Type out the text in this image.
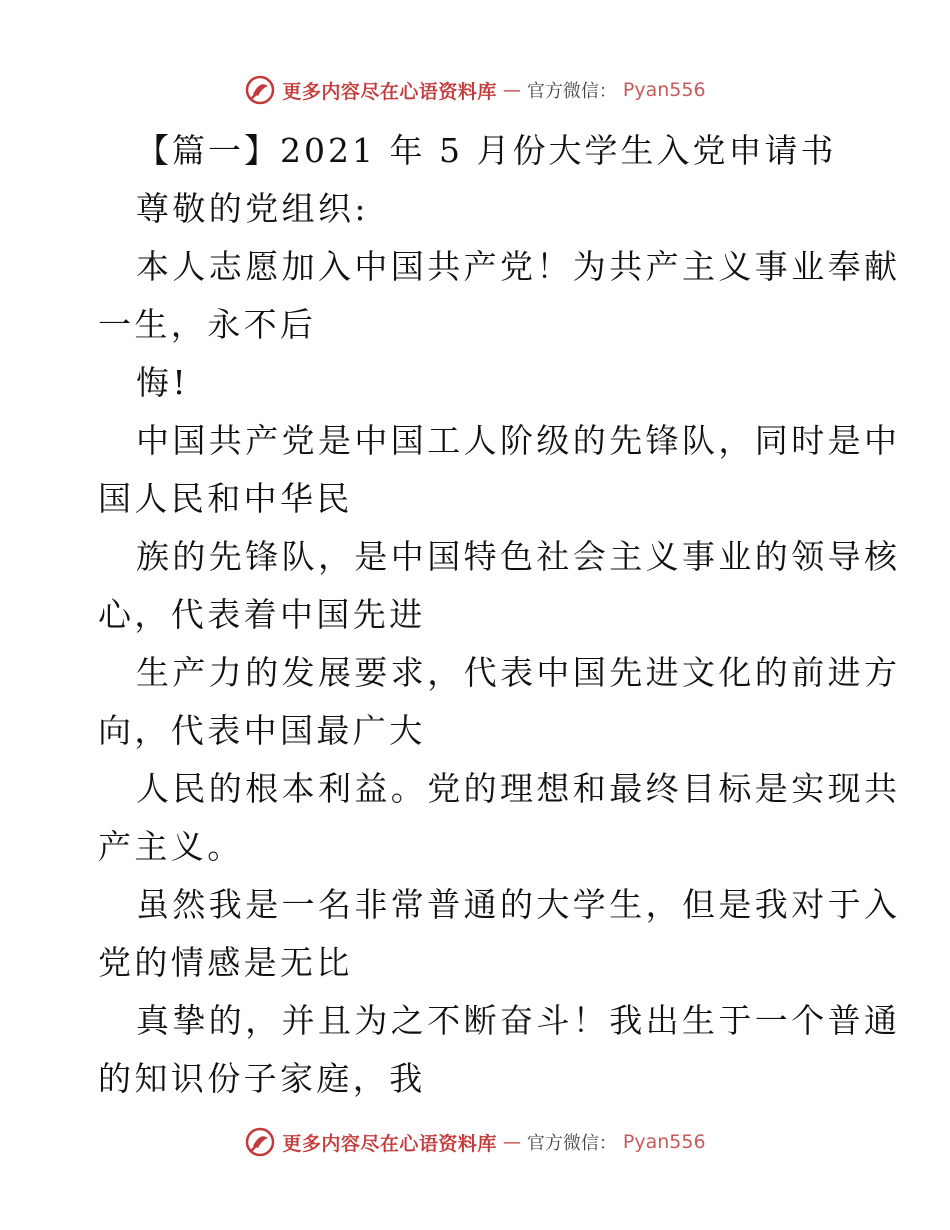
更多内容尽在心语资料库 — 官方微信： Pyan556
【篇一】2021 年 5 月份大学生入党申请书
尊敬的党组织:
本人志愿加入中国共产党！为共产主义事业奉献
一生，永不后
悔!
中国共产党是中国工人阶级的先锋队，同时是中
国人民和中华民
族的先锋队，是中国特色社会主义事业的领导核
心，代表着中国先进
生产力的发展要求，代表中国先进文化的前进方
向，代表中国最广大
人民的根本利益。党的理想和最终目标是实现共
产主义。
虽然我是一名非常普通的大学生，但是我对于入
党的情感是无比
真挚的，并且为之不断奋斗！我出生于一个普通
的知识份子家庭，我
更多内容尽在心语资料库 — 官方微信： Pyan556
